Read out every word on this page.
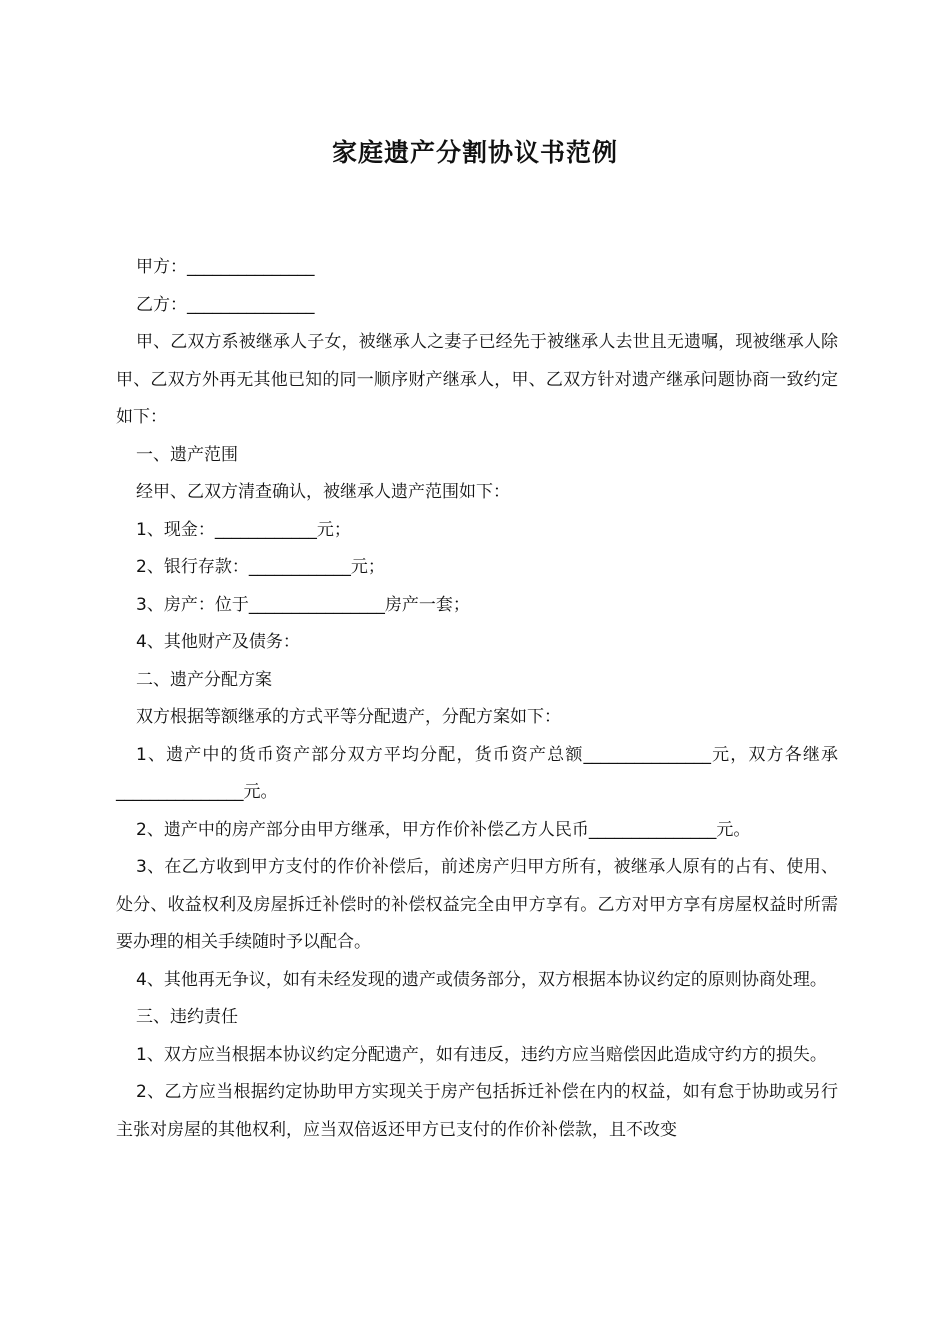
家庭遗产分割协议书范例

甲方：_______________

乙方：_______________

甲、乙双方系被继承人子女，被继承人之妻子已经先于被继承人去世且无遗嘱，现被继承人除甲、乙双方外再无其他已知的同一顺序财产继承人，甲、乙双方针对遗产继承问题协商一致约定如下：

一、遗产范围

经甲、乙双方清查确认，被继承人遗产范围如下：

1、现金：____________元；

2、银行存款：____________元；

3、房产：位于________________房产一套；

4、其他财产及债务：

二、遗产分配方案

双方根据等额继承的方式平等分配遗产，分配方案如下：

1、遗产中的货币资产部分双方平均分配，货币资产总额_______________元，双方各继承_______________元。

2、遗产中的房产部分由甲方继承，甲方作价补偿乙方人民币_______________元。

3、在乙方收到甲方支付的作价补偿后，前述房产归甲方所有，被继承人原有的占有、使用、处分、收益权利及房屋拆迁补偿时的补偿权益完全由甲方享有。乙方对甲方享有房屋权益时所需要办理的相关手续随时予以配合。

4、其他再无争议，如有未经发现的遗产或债务部分，双方根据本协议约定的原则协商处理。

三、违约责任

1、双方应当根据本协议约定分配遗产，如有违反，违约方应当赔偿因此造成守约方的损失。

2、乙方应当根据约定协助甲方实现关于房产包括拆迁补偿在内的权益，如有怠于协助或另行主张对房屋的其他权利，应当双倍返还甲方已支付的作价补偿款，且不改变
